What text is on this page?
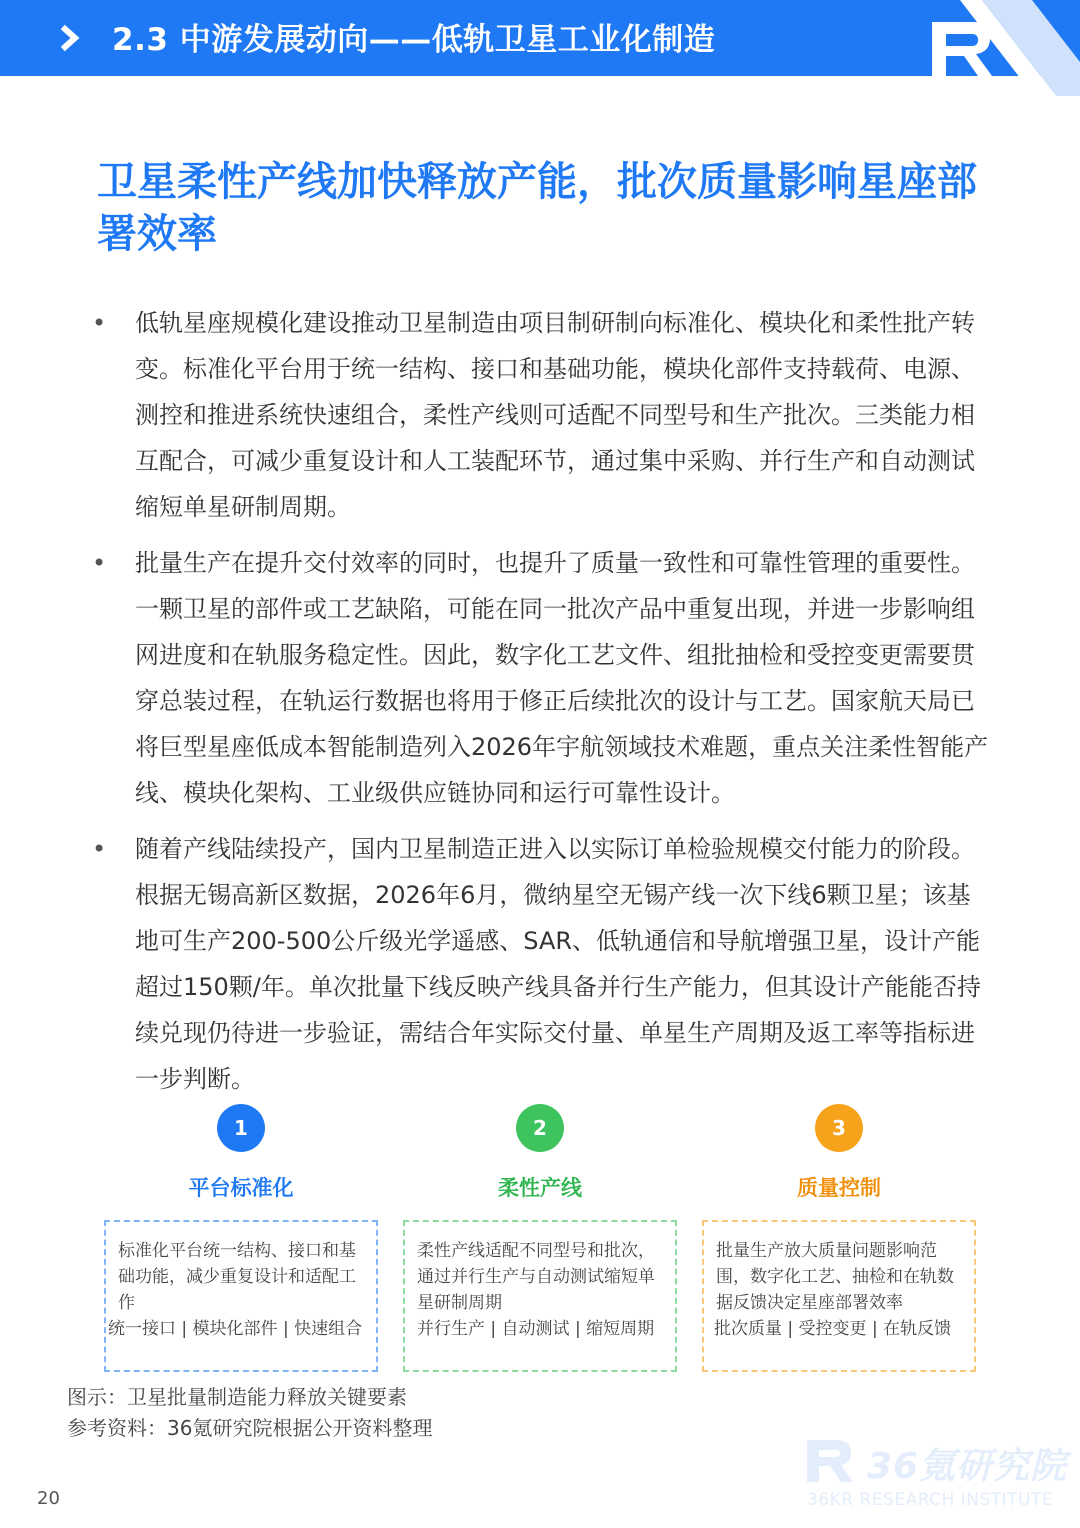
2.3 中游发展动向——低轨卫星工业化制造
卫星柔性产线加快释放产能，批次质量影响星座部署效率
• 低轨星座规模化建设推动卫星制造由项目制研制向标准化、模块化和柔性批产转变。标准化平台用于统一结构、接口和基础功能，模块化部件支持载荷、电源、测控和推进系统快速组合，柔性产线则可适配不同型号和生产批次。三类能力相互配合，可减少重复设计和人工装配环节，通过集中采购、并行生产和自动测试缩短单星研制周期。
• 批量生产在提升交付效率的同时，也提升了质量一致性和可靠性管理的重要性。一颗卫星的部件或工艺缺陷，可能在同一批次产品中重复出现，并进一步影响组网进度和在轨服务稳定性。因此，数字化工艺文件、组批抽检和受控变更需要贯穿总装过程，在轨运行数据也将用于修正后续批次的设计与工艺。国家航天局已将巨型星座低成本智能制造列入2026年宇航领域技术难题，重点关注柔性智能产线、模块化架构、工业级供应链协同和运行可靠性设计。
• 随着产线陆续投产，国内卫星制造正进入以实际订单检验规模交付能力的阶段。根据无锡高新区数据，2026年6月，微纳星空无锡产线一次下线6颗卫星；该基地可生产200-500公斤级光学遥感、SAR、低轨通信和导航增强卫星，设计产能超过150颗/年。单次批量下线反映产线具备并行生产能力，但其设计产能能否持续兑现仍待进一步验证，需结合年实际交付量、单星生产周期及返工率等指标进一步判断。
1
平台标准化
标准化平台统一结构、接口和基础功能，减少重复设计和适配工作
统一接口 | 模块化部件 | 快速组合
2
柔性产线
柔性产线适配不同型号和批次，通过并行生产与自动测试缩短单星研制周期
并行生产 | 自动测试 | 缩短周期
3
质量控制
批量生产放大质量问题影响范围，数字化工艺、抽检和在轨数据反馈决定星座部署效率
批次质量 | 受控变更 | 在轨反馈
图示：卫星批量制造能力释放关键要素
参考资料：36氪研究院根据公开资料整理
20
36氪研究院
36KR RESEARCH INSTITUTE
